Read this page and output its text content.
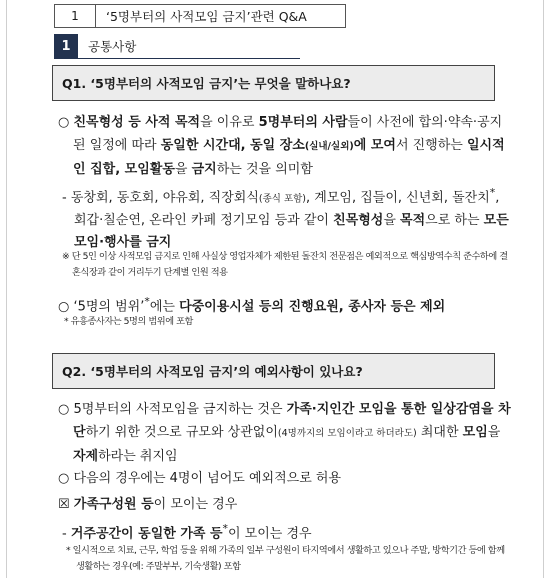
1	‘5명부터의 사적모임 금지’관련 Q&A
1	공통사항
Q1. ‘5명부터의 사적모임 금지’는 무엇을 말하나요?

○ 친목형성 등 사적 목적을 이유로 5명부터의 사람들이 사전에 합의·약속·공지된 일정에 따라 동일한 시간대, 동일 장소(실내/실외)에 모여서 진행하는 일시적인 집합, 모임활동을 금지하는 것을 의미함

- 동창회, 동호회, 야유회, 직장회식(종식 포함), 계모임, 집들이, 신년회, 돌잔치*, 회갑·칠순연, 온라인 카페 정기모임 등과 같이 친목형성을 목적으로 하는 모든 모임·행사를 금지

※ 단 5인 이상 사적모임 금지로 인해 사실상 영업자체가 제한된 돌잔치 전문점은 예외적으로 핵심방역수칙 준수하에 결혼식장과 같이 거리두기 단계별 인원 적용

○ ‘5명의 범위’*에는 다중이용시설 등의 진행요원, 종사자 등은 제외

* 유흥종사자는 5명의 범위에 포함

Q2. ‘5명부터의 사적모임 금지’의 예외사항이 있나요?

○ 5명부터의 사적모임을 금지하는 것은 가족·지인간 모임을 통한 일상감염을 차단하기 위한 것으로 규모와 상관없이(4명까지의 모임이라고 하더라도) 최대한 모임을 자제하라는 취지임

○ 다음의 경우에는 4명이 넘어도 예외적으로 허용

☒ 가족구성원 등이 모이는 경우

- 거주공간이 동일한 가족 등*이 모이는 경우

* 일시적으로 치료, 근무, 학업 등을 위해 가족의 일부 구성원이 타지역에서 생활하고 있으나 주말, 방학기간 등에 함께 생활하는 경우(예: 주말부부, 기숙생활) 포함
